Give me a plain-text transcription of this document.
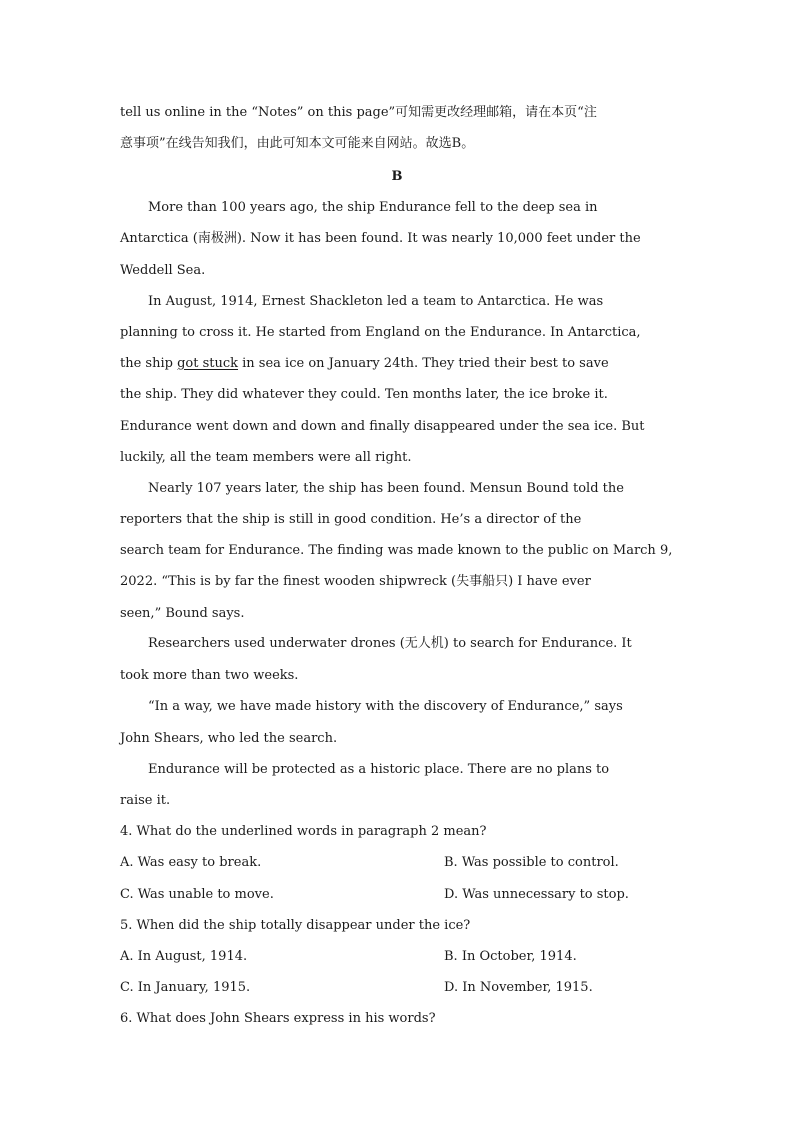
tell us online in the “Notes” on this page”可知需更改经理邮箱，请在本页“注
意事项”在线告知我们，由此可知本文可能来自网站。故选B。
B
More than 100 years ago, the ship Endurance fell to the deep sea in
Antarctica (南极洲). Now it has been found. It was nearly 10,000 feet under the
Weddell Sea.
In August, 1914, Ernest Shackleton led a team to Antarctica. He was
planning to cross it. He started from England on the Endurance. In Antarctica,
the ship got stuck in sea ice on January 24th. They tried their best to save
the ship. They did whatever they could. Ten months later, the ice broke it.
Endurance went down and down and finally disappeared under the sea ice. But
luckily, all the team members were all right.
Nearly 107 years later, the ship has been found. Mensun Bound told the
reporters that the ship is still in good condition. He’s a director of the
search team for Endurance. The finding was made known to the public on March 9,
2022. “This is by far the finest wooden shipwreck (失事船只) I have ever
seen,” Bound says.
Researchers used underwater drones (无人机) to search for Endurance. It
took more than two weeks.
“In a way, we have made history with the discovery of Endurance,” says
John Shears, who led the search.
Endurance will be protected as a historic place. There are no plans to
raise it.
4. What do the underlined words in paragraph 2 mean?
A. Was easy to break.	B. Was possible to control.
C. Was unable to move.	D. Was unnecessary to stop.
5. When did the ship totally disappear under the ice?
A. In August, 1914.	B. In October, 1914.
C. In January, 1915.	D. In November, 1915.
6. What does John Shears express in his words?
